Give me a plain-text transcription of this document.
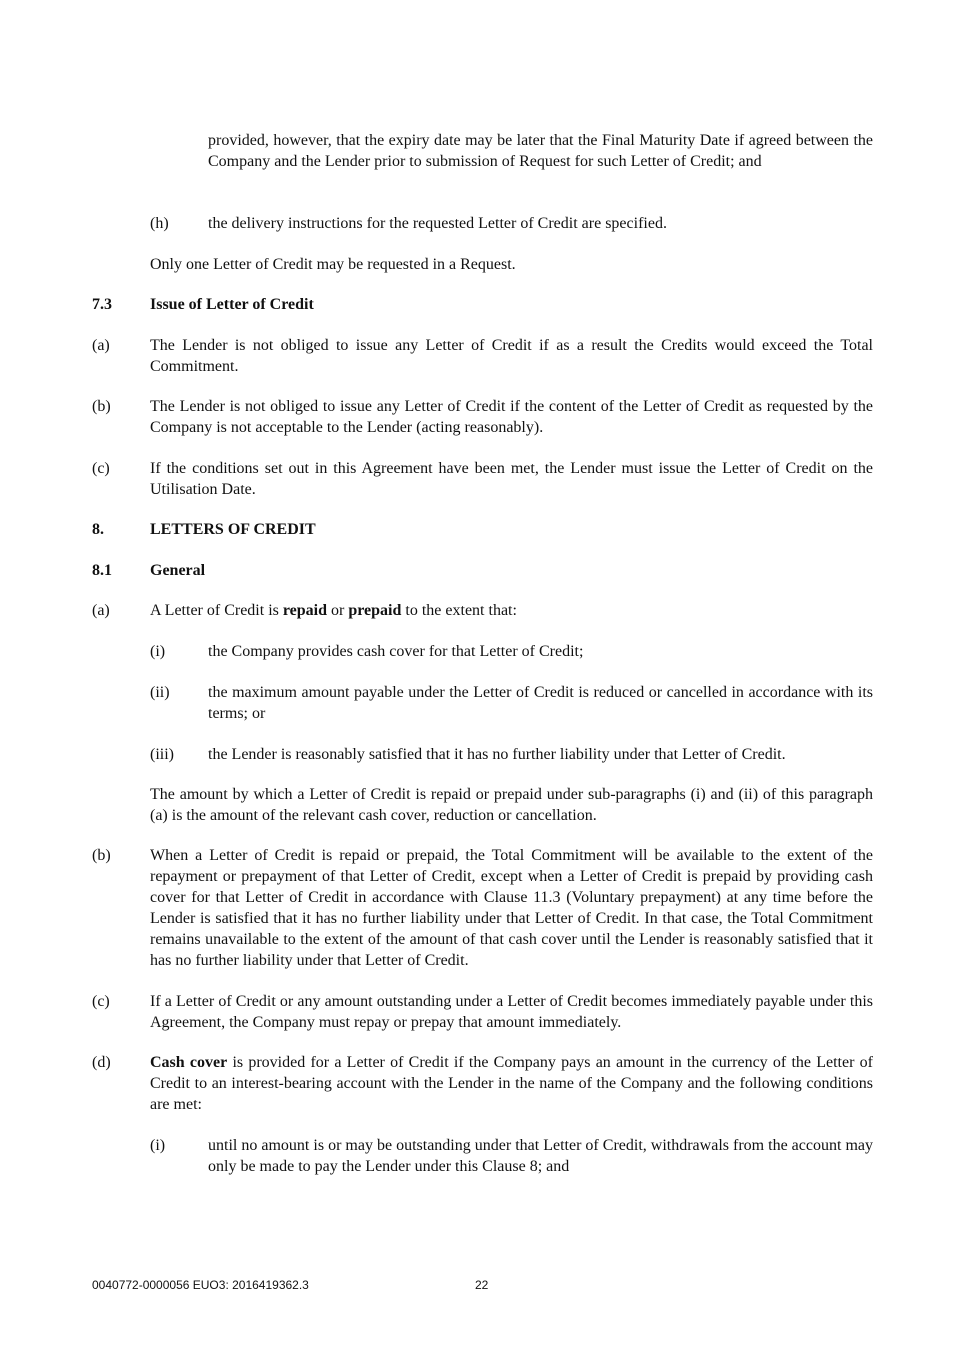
provided, however, that the expiry date may be later that the Final Maturity Date if agreed between the Company and the Lender prior to submission of Request for such Letter of Credit; and
(h) the delivery instructions for the requested Letter of Credit are specified.
Only one Letter of Credit may be requested in a Request.
7.3 Issue of Letter of Credit
(a)	The Lender is not obliged to issue any Letter of Credit if as a result the Credits would exceed the Total Commitment.
(b) The Lender is not obliged to issue any Letter of Credit if the content of the Letter of Credit as requested by the Company is not acceptable to the Lender (acting reasonably).
(c)	If the conditions set out in this Agreement have been met, the Lender must issue the Letter of Credit on the Utilisation Date.
8.	LETTERS OF CREDIT
8.1 General
(a)	A Letter of Credit is repaid or prepaid to the extent that:
(i)	the Company provides cash cover for that Letter of Credit;
(ii) the maximum amount payable under the Letter of Credit is reduced or cancelled in accordance with its terms; or
(iii) the Lender is reasonably satisfied that it has no further liability under that Letter of Credit.
The amount by which a Letter of Credit is repaid or prepaid under sub-paragraphs (i) and (ii) of this paragraph (a) is the amount of the relevant cash cover, reduction or cancellation.
(b) When a Letter of Credit is repaid or prepaid, the Total Commitment will be available to the extent of the repayment or prepayment of that Letter of Credit, except when a Letter of Credit is prepaid by providing cash cover for that Letter of Credit in accordance with Clause 11.3 (Voluntary prepayment) at any time before the Lender is satisfied that it has no further liability under that Letter of Credit. In that case, the Total Commitment remains unavailable to the extent of the amount of that cash cover until the Lender is reasonably satisfied that it has no further liability under that Letter of Credit.
(c)	If a Letter of Credit or any amount outstanding under a Letter of Credit becomes immediately payable under this Agreement, the Company must repay or prepay that amount immediately.
(d) Cash cover is provided for a Letter of Credit if the Company pays an amount in the currency of the Letter of Credit to an interest-bearing account with the Lender in the name of the Company and the following conditions are met:
(i)	until no amount is or may be outstanding under that Letter of Credit, withdrawals from the account may only be made to pay the Lender under this Clause 8; and
0040772-0000056 EUO3: 2016419362.3	22
